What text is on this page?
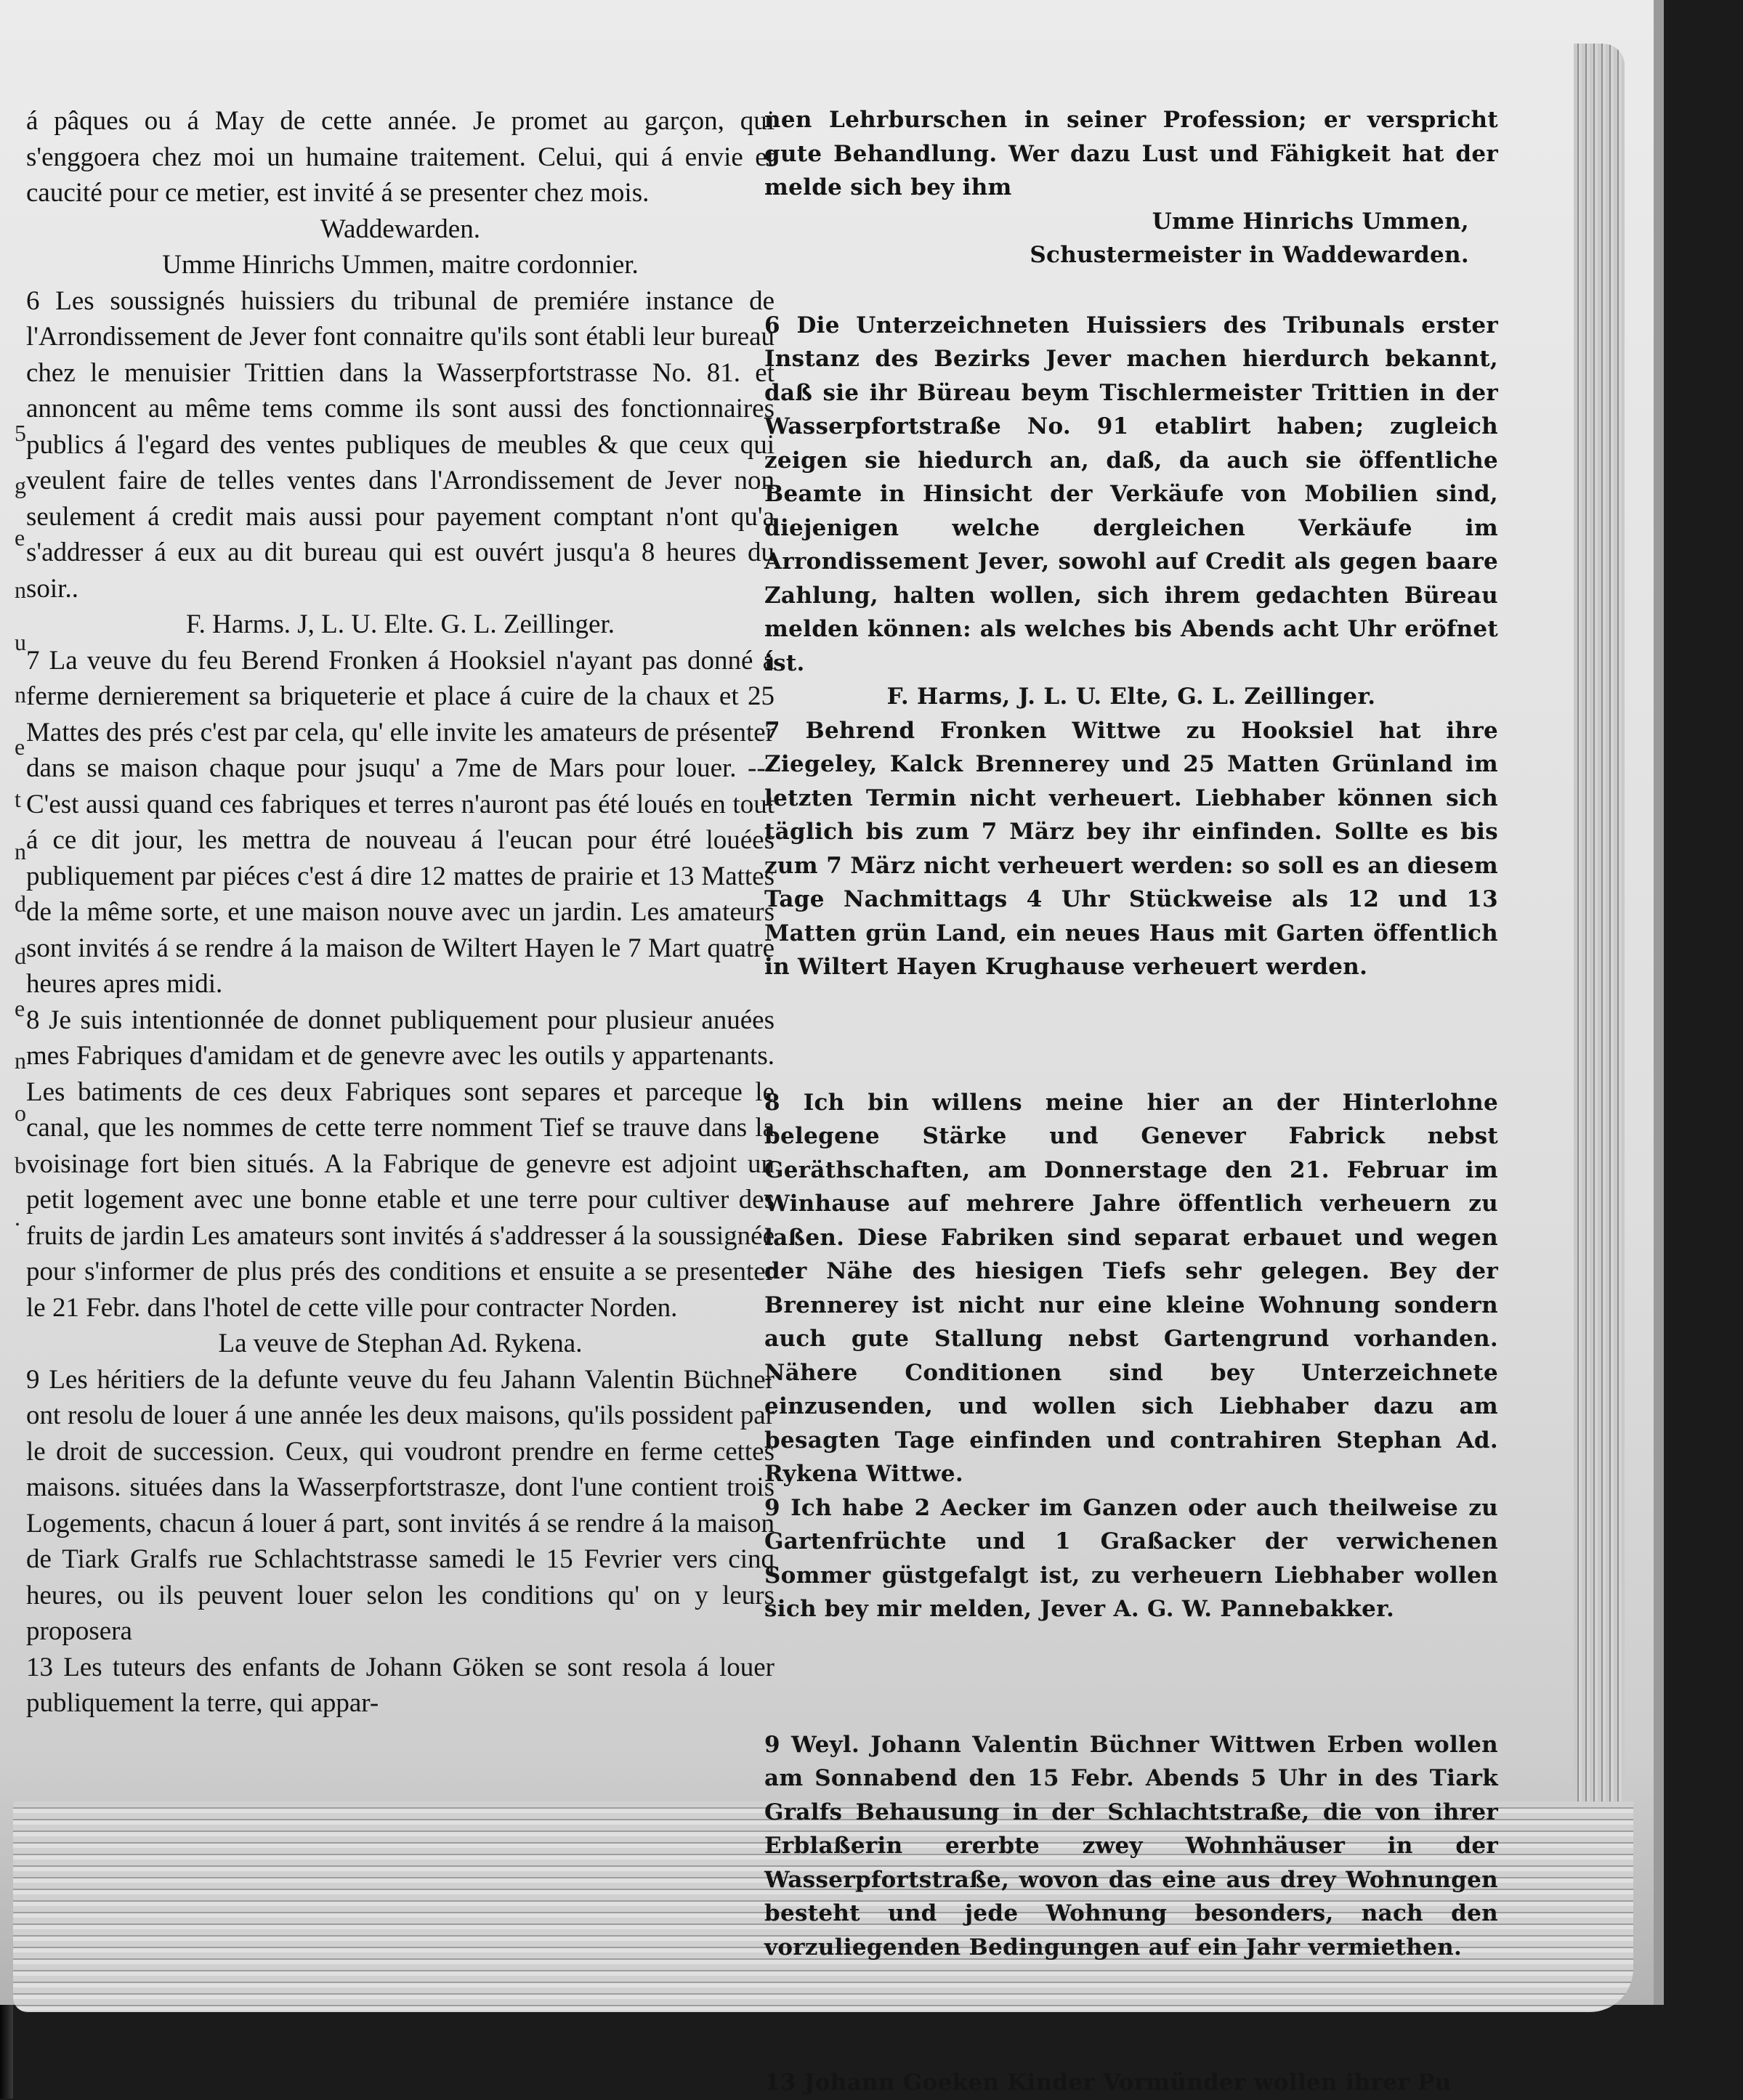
5
g
e
n
u
n
e
t
n
d
d
e
n
o
b
.

á pâques ou á May de cette année. Je promet au garçon, qui s'enggoera chez moi un humaine traitement. Celui, qui á envie et caucité pour ce metier, est invité á se presenter chez mois.

Waddewarden.

Umme Hinrichs Ummen, maitre cordonnier.

6 Les soussignés huissiers du tribunal de premiére instance de l'Arrondissement de Jever font connaitre qu'ils sont établi leur bureau chez le menuisier Trittien dans la Wasserpfortstrasse No. 81. et annoncent au même tems comme ils sont aussi des fonctionnaires publics á l'egard des ventes publiques de meubles & que ceux qui veulent faire de telles ventes dans l'Arrondissement de Jever non seulement á credit mais aussi pour payement comptant n'ont qu'a s'addresser á eux au dit bureau qui est ouvért jusqu'a 8 heures du soir..

F. Harms. J, L. U. Elte. G. L. Zeillinger.

7 La veuve du feu Berend Fronken á Hooksiel n'ayant pas donné á ferme dernierement sa briqueterie et place á cuire de la chaux et 25 Mattes des prés c'est par cela, qu' elle invite les amateurs de présenter dans se maison chaque pour jsuqu' a 7me de Mars pour louer. --- C'est aussi quand ces fabriques et terres n'auront pas été loués en tout á ce dit jour, les mettra de nouveau á l'eucan pour étré louées publiquement par piéces c'est á dire 12 mattes de prairie et 13 Mattes de la même sorte, et une maison nouve avec un jardin. Les amateurs sont invités á se rendre á la maison de Wiltert Hayen le 7 Mart quatre heures apres midi.

8 Je suis intentionnée de donnet publiquement pour plusieur anuées mes Fabriques d'amidam et de genevre avec les outils y appartenants. Les batiments de ces deux Fabriques sont separes et parceque le canal, que les nommes de cette terre nomment Tief se trauve dans la voisinage fort bien situés. A la Fabrique de genevre est adjoint un petit logement avec une bonne etable et une terre pour cultiver des fruits de jardin Les amateurs sont invités á s'addresser á la soussignée pour s'informer de plus prés des conditions et ensuite a se presenter le 21 Febr. dans l'hotel de cette ville pour contracter Norden.

La veuve de Stephan Ad. Rykena.

9 Les héritiers de la defunte veuve du feu Jahann Valentin Büchner ont resolu de louer á une année les deux maisons, qu'ils possident par le droit de succession. Ceux, qui voudront prendre en ferme cettes maisons. situées dans la Wasserpfortstrasze, dont l'une contient trois Logements, chacun á louer á part, sont invités á se rendre á la maison de Tiark Gralfs rue Schlachtstrasse samedi le 15 Fevrier vers cinq heures, ou ils peuvent louer selon les conditions qu' on y leurs proposera

13 Les tuteurs des enfants de Johann Göken se sont resola á louer publiquement la terre, qui appar-

nen Lehrburschen in seiner Profession; er verspricht gute Behandlung. Wer dazu Lust und Fähigkeit hat der melde sich bey ihm

Umme Hinrichs Ummen,

Schustermeister in Waddewarden.

6 Die Unterzeichneten Huissiers des Tribunals erster Instanz des Bezirks Jever machen hierdurch bekannt, daß sie ihr Büreau beym Tischlermeister Trittien in der Wasserpfortstraße No. 91 etablirt haben; zugleich zeigen sie hiedurch an, daß, da auch sie öffentliche Beamte in Hinsicht der Verkäufe von Mobilien sind, diejenigen welche dergleichen Verkäufe im Arrondissement Jever, sowohl auf Credit als gegen baare Zahlung, halten wollen, sich ihrem gedachten Büreau melden können: als welches bis Abends acht Uhr eröfnet ist.

F. Harms, J. L. U. Elte, G. L. Zeillinger.

7 Behrend Fronken Wittwe zu Hooksiel hat ihre Ziegeley, Kalck Brennerey und 25 Matten Grünland im letzten Termin nicht verheuert. Liebhaber können sich täglich bis zum 7 März bey ihr einfinden. Sollte es bis zum 7 März nicht verheuert werden: so soll es an diesem Tage Nachmittags 4 Uhr Stückweise als 12 und 13 Matten grün Land, ein neues Haus mit Garten öffentlich in Wiltert Hayen Krughause verheuert werden.

8 Ich bin willens meine hier an der Hinterlohne belegene Stärke und Genever Fabrick nebst Geräthschaften, am Donnerstage den 21. Februar im Winhause auf mehrere Jahre öffentlich verheuern zu laßen. Diese Fabriken sind separat erbauet und wegen der Nähe des hiesigen Tiefs sehr gelegen. Bey der Brennerey ist nicht nur eine kleine Wohnung sondern auch gute Stallung nebst Gartengrund vorhanden. Nähere Conditionen sind bey Unterzeichnete einzusenden, und wollen sich Liebhaber dazu am besagten Tage einfinden und contrahiren Stephan Ad. Rykena Wittwe.

9 Ich habe 2 Aecker im Ganzen oder auch theilweise zu Gartenfrüchte und 1 Graßacker der verwichenen Sommer güstgefalgt ist, zu verheuern Liebhaber wollen sich bey mir melden, Jever A. G. W. Pannebakker.

9 Weyl. Johann Valentin Büchner Wittwen Erben wollen am Sonnabend den 15 Febr. Abends 5 Uhr in des Tiark Gralfs Behausung in der Schlachtstraße, die von ihrer Erblaßerin ererbte zwey Wohnhäuser in der Wasserpfortstraße, wovon das eine aus drey Wohnungen besteht und jede Wohnung besonders, nach den vorzuliegenden Bedingungen auf ein Jahr vermiethen.

13 Johann Goeken Kinder Vormünder wollen ihrer Pu
